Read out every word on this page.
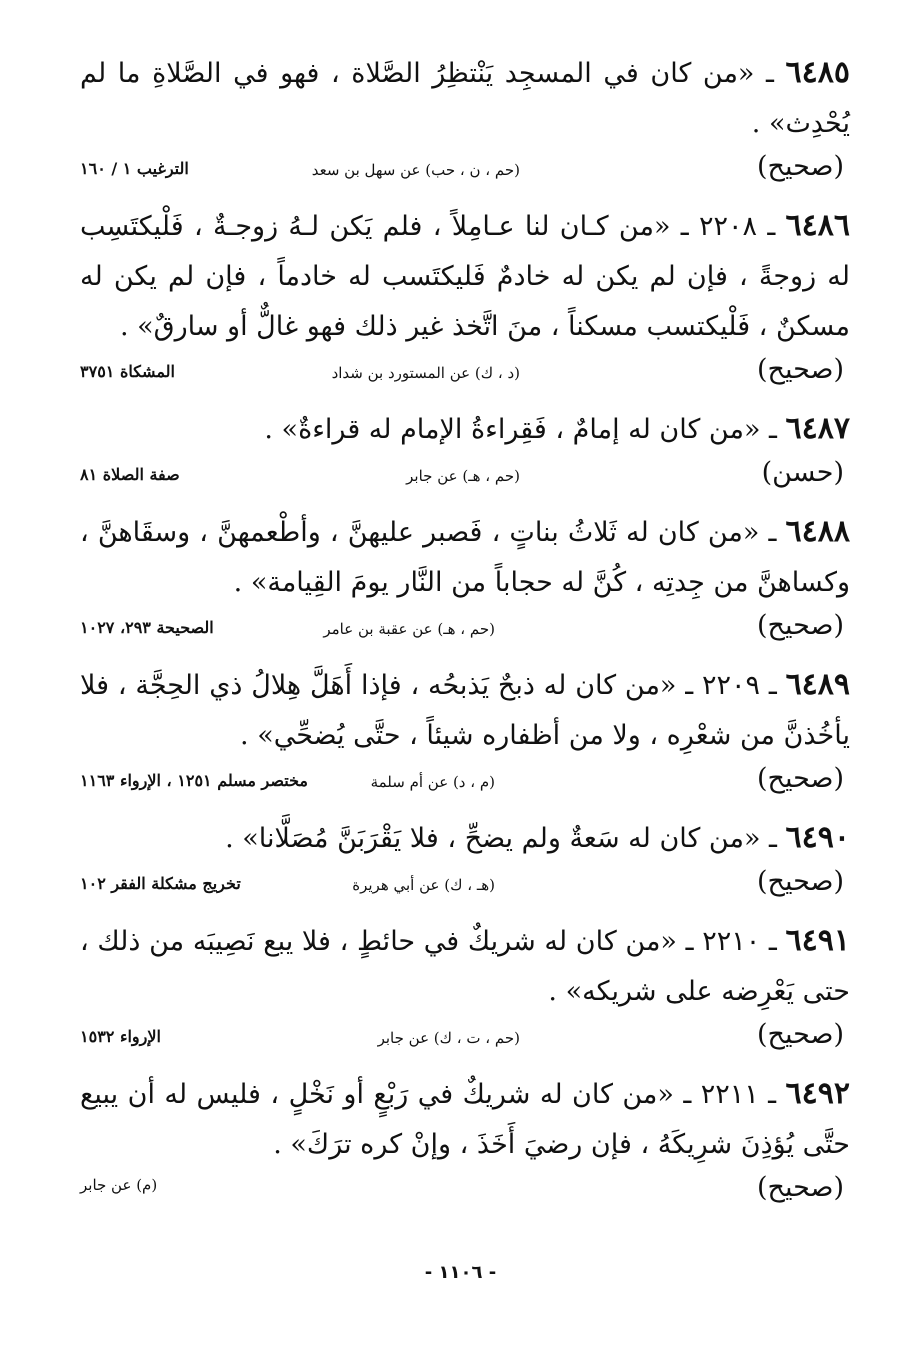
٦٤٨٥ ـ «من كان في المسجِد يَنْتظِرُ الصَّلاة ، فهو في الصَّلاةِ ما لم يُحْدِث» .
(صحيح)
(حم ، ن ، حب) عن سهل بن سعد
الترغيب ١ / ١٦٠
٦٤٨٦ ـ ٢٢٠٨ ـ «من كـان لنا عـامِلاً ، فلم يَكن لـهُ زوجـةٌ ، فَلْيكتَسِب له زوجةً ، فإن لم يكن له خادمٌ فَليكتَسب له خادماً ، فإن لم يكن له مسكنٌ ، فَلْيكتسب مسكناً ، منَ اتَّخذ غير ذلك فهو غالٌّ أو سارقٌ» .
(صحيح)
(د ، ك) عن المستورد بن شداد
المشكاة ٣٧٥١
٦٤٨٧ ـ «من كان له إمامٌ ، فَقِراءةُ الإمام له قراءةٌ» .
(حسن)
(حم ، هـ) عن جابر
صفة الصلاة ٨١
٦٤٨٨ ـ «من كان له ثَلاثُ بناتٍ ، فَصبر عليهنَّ ، وأطْعمهنَّ ، وسقَاهنَّ ، وكساهنَّ من جِدتِه ، كُنَّ له حجاباً من النَّار يومَ القِيامة» .
(صحيح)
(حم ، هـ) عن عقبة بن عامر
الصحيحة ٢٩٣، ١٠٢٧
٦٤٨٩ ـ ٢٢٠٩ ـ «من كان له ذبحٌ يَذبحُه ، فإذا أَهَلَّ هِلالُ ذي الحِجَّة ، فلا يأخُذنَّ من شعْرِه ، ولا من أظفاره شيئاً ، حتَّى يُضحِّي» .
(صحيح)
(م ، د) عن أم سلمة
مختصر مسلم ١٢٥١ ، الإرواء ١١٦٣
٦٤٩٠ ـ «من كان له سَعةٌ ولم يضحِّ ، فلا يَقْرَبَنَّ مُصَلَّانا» .
(صحيح)
(هـ ، ك) عن أبي هريرة
تخريج مشكلة الفقر ١٠٢
٦٤٩١ ـ ٢٢١٠ ـ «من كان له شريكٌ في حائطٍ ، فلا يبع نَصِيبَه من ذلك ، حتى يَعْرِضه على شريكه» .
(صحيح)
(حم ، ت ، ك) عن جابر
الإرواء ١٥٣٢
٦٤٩٢ ـ ٢٢١١ ـ «من كان له شريكٌ في رَبْعٍ أو نَخْلٍ ، فليس له أن يبيع حتَّى يُؤذِنَ شرِيكَهُ ، فإن رضيَ أَخَذَ ، وإنْ كره ترَكَ» .
(صحيح)
(م) عن جابر
- ١١٠٦ -
